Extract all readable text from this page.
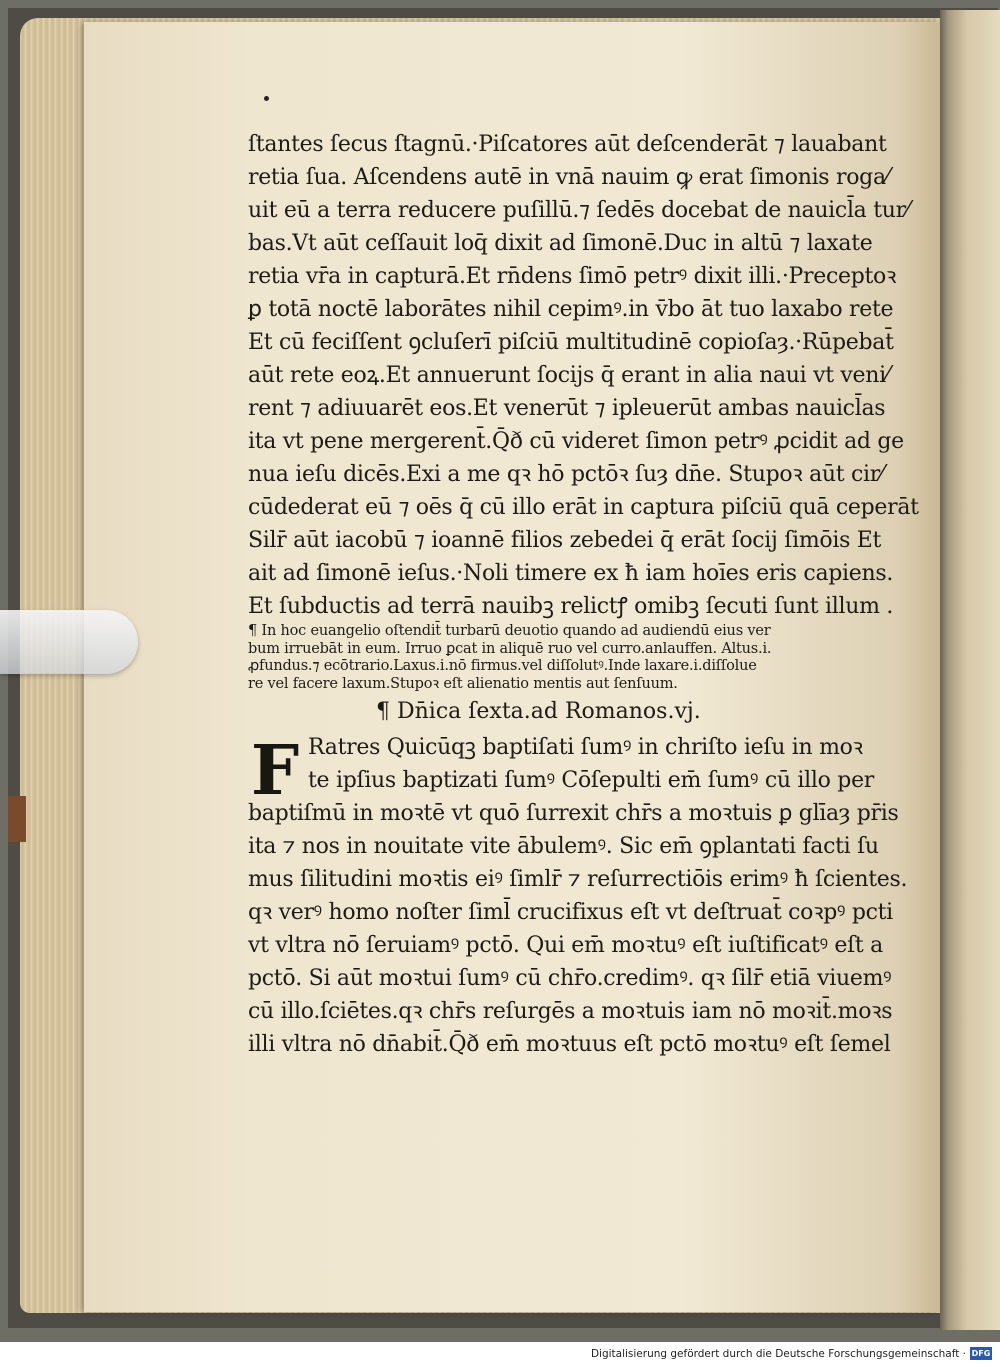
ſtantes ſecus ſtagnū.·Piſcatores aūt deſcenderāt ⁊ lauabant
retia ſua. Aſcendens autē in vnā nauim ꝙ erat ſimonis roga⁄
uit eū a terra reducere puſillū.⁊ ſedēs docebat de nauicl̄a tur⁄
bas.Vt aūt ceſſauit loq̄ dixit ad ſimonē.Duc in altū ⁊ laxate
retia vr̄a in capturā.Et rn̄dens ſimō petrꝰ dixit illi.·Preceptoꝛ
ꝑ totā noctē laborātes nihil cepimꝰ.in v̄bo āt tuo laxabo rete
Et cū feciſſent ꝯcluſerī piſciū multitudinē copioſaȝ.·Rūpebat̄
aūt rete eoꝝ.Et annuerunt ſocijs q̄ erant in alia naui vt veni⁄
rent ⁊ adiuuarēt eos.Et venerūt ⁊ ipleuerūt ambas nauicl̄as
ita vt pene mergerent̄.Q̄ð cū videret ſimon petrꝰ ꝓcidit ad ge
nua ieſu dicēs.Exi a me qꝛ hō pctōꝛ ſuȝ dn̄e. Stupoꝛ aūt cir⁄
cūdederat eū ⁊ oēs q̄ cū illo erāt in captura piſciū quā ceperāt
Silr̄ aūt iacobū ⁊ ioannē filios zebedei q̄ erāt ſocij ſimōis Et
ait ad ſimonē ieſus.·Noli timere ex ħ iam hoīes eris capiens.
Et ſubductis ad terrā nauibꝫ relictꝭ omibꝫ ſecuti ſunt illum .
¶ In hoc euangelio oſtendit̄ turbarū deuotio quando ad audiendū eius ver
bum irruebāt in eum. Irruo ꝑcat in aliquē ruo vel curro.anlauffen. Altus.i.
ꝓfundus.⁊ ecōtrario.Laxus.i.nō firmus.vel diſſolutꝰ.Inde laxare.i.diſſolue
re vel facere laxum.Stupoꝛ eſt alienatio mentis aut ſenſuum.
¶ Dn̄ica ſexta.ad Romanos.vj.
F Ratres Quicūqꝫ baptiſati ſumꝰ in chriſto ieſu in moꝛ
te ipſius baptizati ſumꝰ Cōſepulti em̄ ſumꝰ cū illo per
baptiſmū in moꝛtē vt quō ſurrexit chr̄s a moꝛtuis ꝑ glīaȝ pr̄is
ita ⁊ nos in nouitate vite ābulemꝰ. Sic em̄ ꝯplantati facti ſu
mus ſilitudini moꝛtis eiꝰ ſimlr̄ ⁊ reſurrectiōis erimꝰ ħ ſcientes.
qꝛ verꝰ homo noſter ſiml̄ crucifixus eſt vt deſtruat̄ coꝛpꝰ pcti
vt vltra nō ſeruiamꝰ pctō. Qui em̄ moꝛtuꝰ eſt iuſtificatꝰ eſt a
pctō. Si aūt moꝛtui ſumꝰ cū chr̄o.credimꝰ. qꝛ ſilr̄ etiā viuemꝰ
cū illo.ſciētes.qꝛ chr̄s reſurgēs a moꝛtuis iam nō moꝛit̄.moꝛs
illi vltra nō dn̄abit̄.Q̄ð em̄ moꝛtuus eſt pctō moꝛtuꝰ eſt ſemel
Digitalisierung gefördert durch die Deutsche Forschungsgemeinschaft · DFG
